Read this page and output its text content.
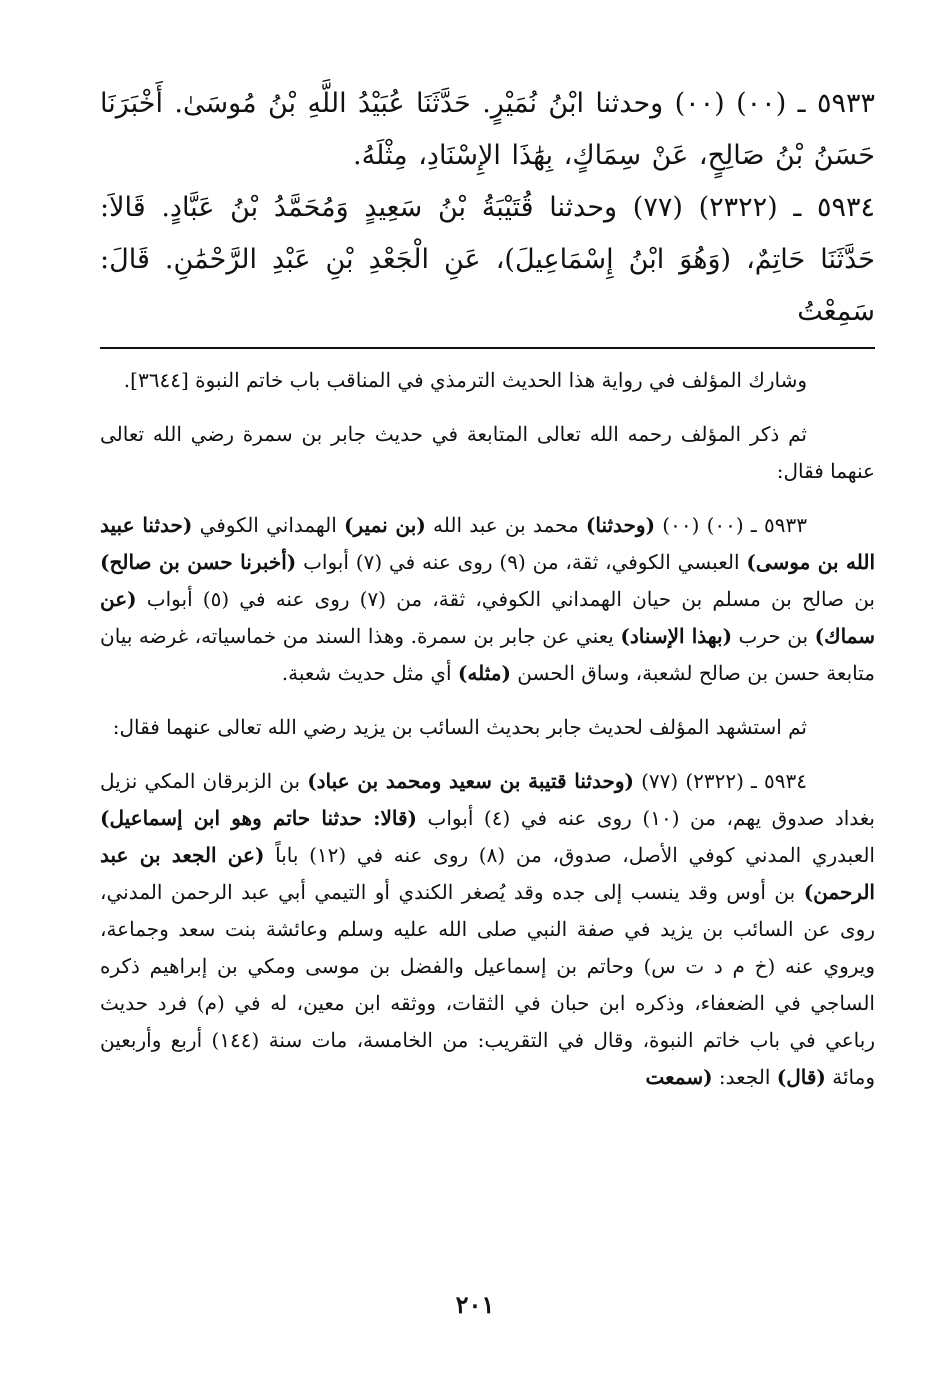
٥٩٣٣ ـ (٠٠) (٠٠) وحدثنا ابْنُ نُمَيْرٍ. حَدَّثَنَا عُبَيْدُ اللَّهِ بْنُ مُوسَىٰ. أَخْبَرَنَا

حَسَنُ بْنُ صَالِحٍ، عَنْ سِمَاكٍ، بِهَٰذَا الإِسْنَادِ، مِثْلَهُ.

٥٩٣٤ ـ (٢٣٢٢) (٧٧) وحدثنا قُتَيْبَةُ بْنُ سَعِيدٍ وَمُحَمَّدُ بْنُ عَبَّادٍ. قَالاَ:

حَدَّثَنَا حَاتِمٌ، (وَهُوَ ابْنُ إِسْمَاعِيلَ)، عَنِ الْجَعْدِ بْنِ عَبْدِ الرَّحْمَٰنِ. قَالَ: سَمِعْتُ

وشارك المؤلف في رواية هذا الحديث الترمذي في المناقب باب خاتم النبوة [٣٦٤٤].

ثم ذكر المؤلف رحمه الله تعالى المتابعة في حديث جابر بن سمرة رضي الله تعالى عنهما فقال:

٥٩٣٣ ـ (٠٠) (٠٠) (وحدثنا) محمد بن عبد الله (بن نمير) الهمداني الكوفي (حدثنا عبيد الله بن موسى) العبسي الكوفي، ثقة، من (٩) روى عنه في (٧) أبواب (أخبرنا حسن بن صالح) بن صالح بن مسلم بن حيان الهمداني الكوفي، ثقة، من (٧) روى عنه في (٥) أبواب (عن سماك) بن حرب (بهذا الإسناد) يعني عن جابر بن سمرة. وهذا السند من خماسياته، غرضه بيان متابعة حسن بن صالح لشعبة، وساق الحسن (مثله) أي مثل حديث شعبة.

ثم استشهد المؤلف لحديث جابر بحديث السائب بن يزيد رضي الله تعالى عنهما فقال:

٥٩٣٤ ـ (٢٣٢٢) (٧٧) (وحدثنا قتيبة بن سعيد ومحمد بن عباد) بن الزبرقان المكي نزيل بغداد صدوق يهم، من (١٠) روى عنه في (٤) أبواب (قالا: حدثنا حاتم وهو ابن إسماعيل) العبدري المدني كوفي الأصل، صدوق، من (٨) روى عنه في (١٢) باباً (عن الجعد بن عبد الرحمن) بن أوس وقد ينسب إلى جده وقد يُصغر الكندي أو التيمي أبي عبد الرحمن المدني، روى عن السائب بن يزيد في صفة النبي صلى الله عليه وسلم وعائشة بنت سعد وجماعة، ويروي عنه (خ م د ت س) وحاتم بن إسماعيل والفضل بن موسى ومكي بن إبراهيم ذكره الساجي في الضعفاء، وذكره ابن حبان في الثقات، ووثقه ابن معين، له في (م) فرد حديث رباعي في باب خاتم النبوة، وقال في التقريب: من الخامسة، مات سنة (١٤٤) أربع وأربعين ومائة (قال) الجعد: (سمعت

٢٠١
